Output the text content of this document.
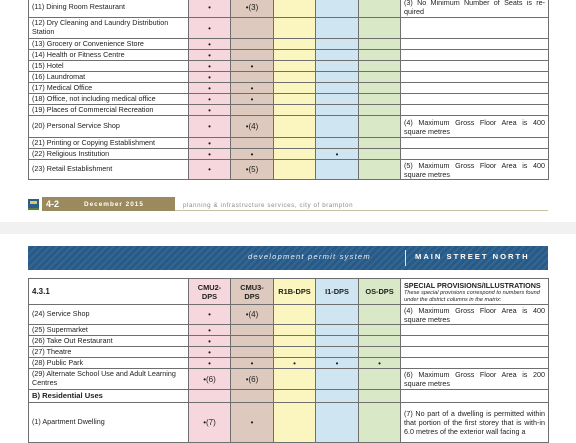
(11) Dining Room Restaurant	•	•(3)				(3) No Minimum Number of Seats is re-quired
(12) Dry Cleaning and Laundry Distribution Station	•					
(13) Grocery or Convenience Store	•					
(14) Health or Fitness Centre	•					
(15) Hotel	•	•				
(16) Laundromat	•					
(17) Medical Office	•	•				
(18) Office, not including medical office	•	•				
(19) Places of Commercial Recreation	•					
(20) Personal Service Shop	•	•(4)				(4) Maximum Gross Floor Area is 400 square metres
(21) Printing or Copying Establishment	•					
(22) Religious Institution	•	•		•		
(23) Retail Establishment	•	•(5)				(5) Maximum Gross Floor Area is 400 square metres
4-2	December 2015	planning & infrastructure services, city of brampton
development permit system	MAIN STREET NORTH
4.3.1	CMU2-DPS	CMU3-DPS	R1B-DPS	I1-DPS	OS-DPS	SPECIAL PROVISIONS/ILLUSTRATIONS
These special provisions correspond to numbers found under the district columns in the matrix:

(24) Service Shop	•	•(4)				(4) Maximum Gross Floor Area is 400 square metres
(25) Supermarket	•					
(26) Take Out Restaurant	•					
(27) Theatre	•					
(28) Public Park	•	•	•	•	•	
(29) Alternate School Use and Adult Learning Centres	•(6)	•(6)				(6) Maximum Gross Floor Area is 200 square metres
B) Residential Uses						
(1) Apartment Dwelling	•(7)	•				(7) No part of a dwelling is permitted within that portion of the first storey that is with-in 6.0 metres of the exterior wall facing a
